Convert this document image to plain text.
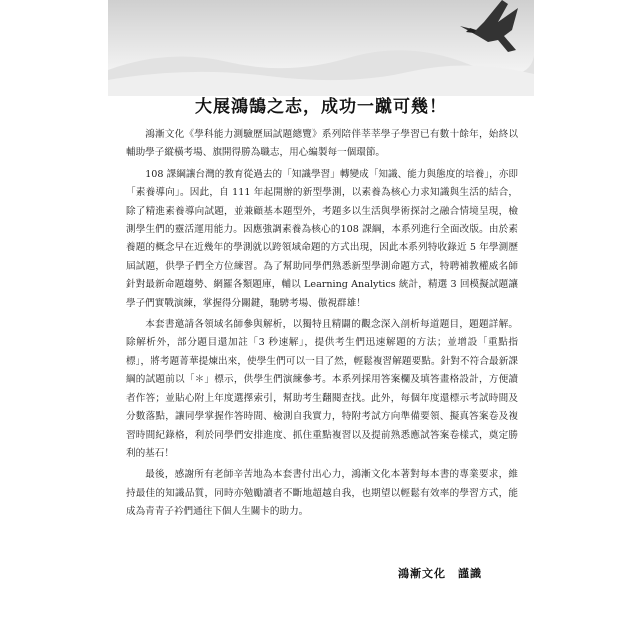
大展鴻鵠之志，成功一蹴可幾！

鴻漸文化《學科能力測驗歷屆試題總覽》系列陪伴莘莘學子學習已有數十餘年，始終以輔助學子縱橫考場、旗開得勝為職志，用心編製每一個環節。

108 課綱讓台灣的教育從過去的「知識學習」轉變成「知識、能力與態度的培養」，亦即「素養導向」。因此，自 111 年起開辦的新型學測，以素養為核心力求知識與生活的結合，除了精進素養導向試題，並兼顧基本題型外，考題多以生活與學術探討之融合情境呈現，檢測學生們的靈活運用能力。因應強調素養為核心的108 課綱，本系列進行全面改版。由於素養題的概念早在近幾年的學測就以跨領域命題的方式出現，因此本系列特收錄近 5 年學測歷屆試題，供學子們全方位練習。為了幫助同學們熟悉新型學測命題方式，特聘補教權威名師針對最新命題趨勢、網羅各類題庫，輔以 Learning Analytics 統計，精選 3 回模擬試題讓學子們實戰演練，掌握得分關鍵，馳騁考場、傲視群雄！

本套書邀請各領域名師參與解析，以獨特且精闢的觀念深入剖析每道題目，題題詳解。除解析外，部分題目還加註「3 秒速解」，提供考生們迅速解題的方法；並增設「重點指標」，將考題菁華提煉出來，使學生們可以一目了然，輕鬆複習解題要點。針對不符合最新課綱的試題前以「＊」標示，供學生們演練參考。本系列採用答案欄及填答畫格設計，方便讀者作答；並貼心附上年度選擇索引，幫助考生翻閱查找。此外，每個年度還標示考試時間及分數落點，讓同學掌握作答時間、檢測自我實力，特附考試方向準備要領、擬真答案卷及複習時間紀錄格，利於同學們安排進度、抓住重點複習以及提前熟悉應試答案卷樣式，奠定勝利的基石！

最後，感謝所有老師辛苦地為本套書付出心力，鴻漸文化本著對每本書的專業要求，維持最佳的知識品質，同時亦勉勵讀者不斷地超越自我，也期望以輕鬆有效率的學習方式，能成為青青子衿們通往下個人生關卡的助力。

鴻漸文化　謹識
